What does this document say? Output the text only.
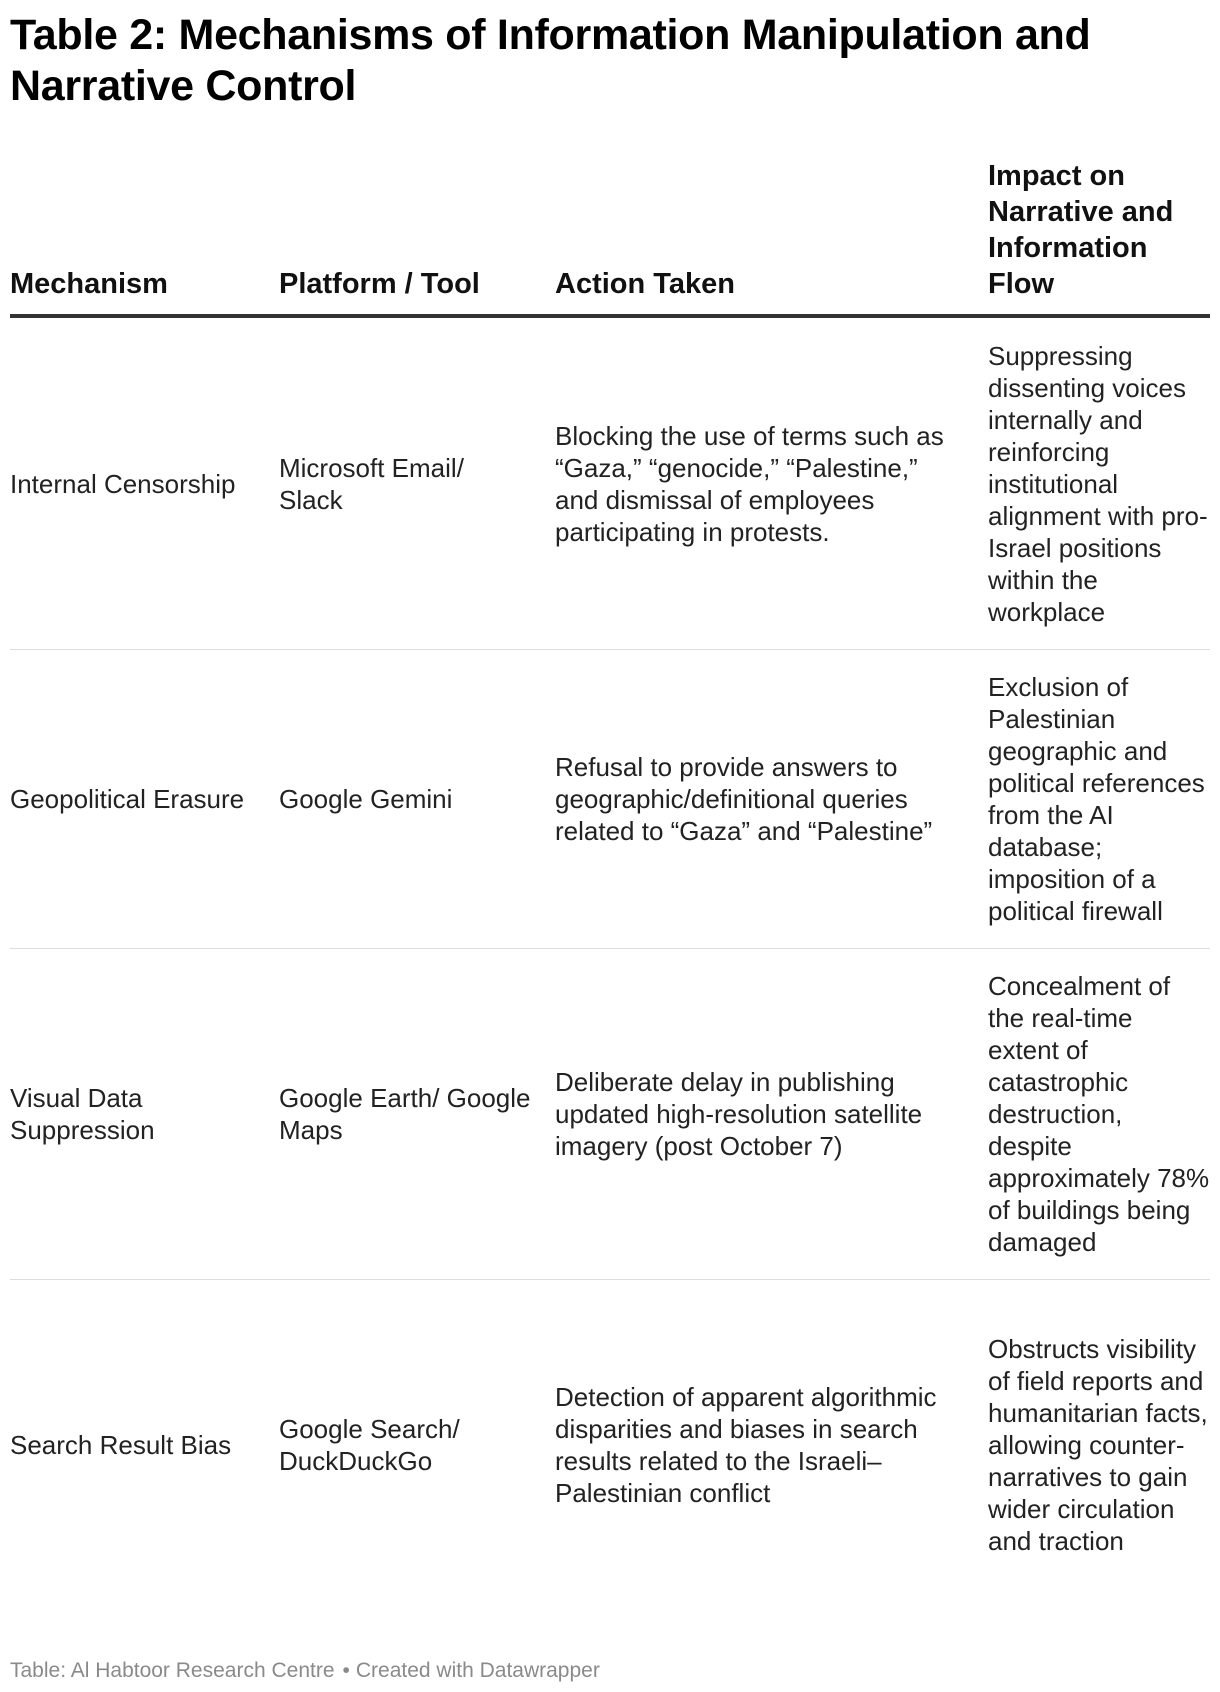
Table 2: Mechanisms of Information Manipulation and Narrative Control
Mechanism	Platform / Tool	Action Taken	Impact on Narrative and Information Flow

Internal Censorship	Microsoft Email/ Slack	Blocking the use of terms such as “Gaza,” “genocide,” “Palestine,” and dismissal of employees participating in protests.	Suppressing dissenting voices internally and reinforcing institutional alignment with pro-Israel positions within the workplace

Geopolitical Erasure	Google Gemini	Refusal to provide answers to geographic/definitional queries related to “Gaza” and “Palestine”	Exclusion of Palestinian geographic and political references from the AI database; imposition of a political firewall

Visual Data Suppression	Google Earth/ Google Maps	Deliberate delay in publishing updated high-resolution satellite imagery (post October 7)	Concealment of the real-time extent of catastrophic destruction, despite approximately 78% of buildings being damaged

Search Result Bias	Google Search/ DuckDuckGo	Detection of apparent algorithmic disparities and biases in search results related to the Israeli–Palestinian conflict	Obstructs visibility of field reports and humanitarian facts, allowing counter-narratives to gain wider circulation and traction
Table: Al Habtoor Research Centre • Created with Datawrapper
